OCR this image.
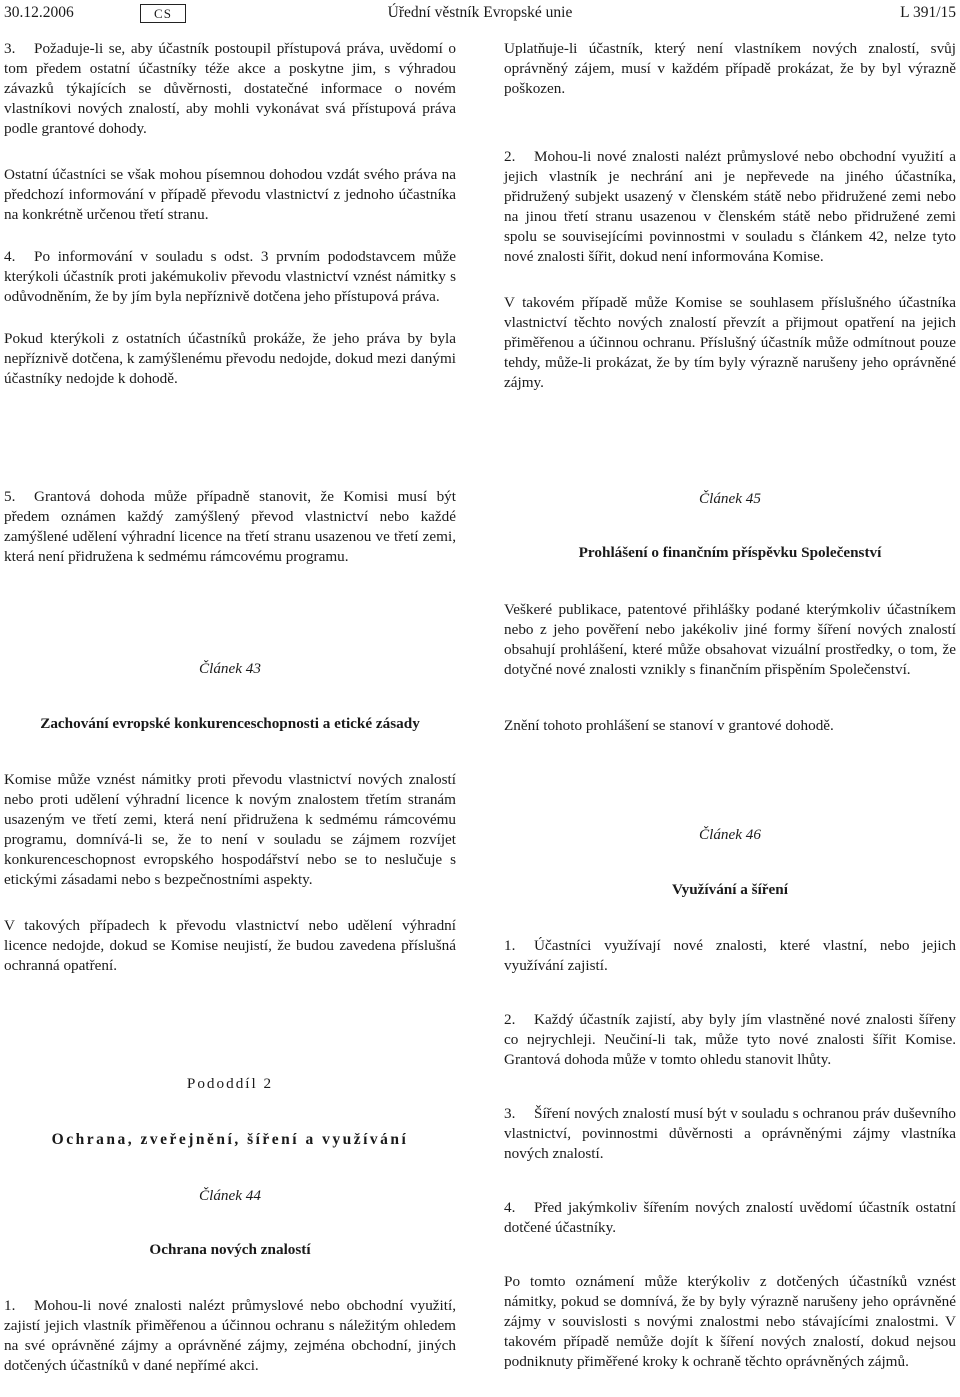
30.12.2006	CS	Úřední věstník Evropské unie	L 391/15

3. Požaduje-li se, aby účastník postoupil přístupová práva, uvědomí o tom předem ostatní účastníky téže akce a poskytne jim, s výhradou závazků týkajících se důvěrnosti, dostatečné informace o novém vlastníkovi nových znalostí, aby mohli vykonávat svá přístupová práva podle grantové dohody.

Ostatní účastníci se však mohou písemnou dohodou vzdát svého práva na předchozí informování v případě převodu vlastnictví z jednoho účastníka na konkrétně určenou třetí stranu.

4. Po informování v souladu s odst. 3 prvním pododstavcem může kterýkoli účastník proti jakémukoliv převodu vlastnictví vznést námitky s odůvodněním, že by jím byla nepříznivě dotčena jeho přístupová práva.

Pokud kterýkoli z ostatních účastníků prokáže, že jeho práva by byla nepříznivě dotčena, k zamýšlenému převodu nedojde, dokud mezi danými účastníky nedojde k dohodě.

Uplatňuje-li účastník, který není vlastníkem nových znalostí, svůj oprávněný zájem, musí v každém případě prokázat, že by byl výrazně poškozen.

2. Mohou-li nové znalosti nalézt průmyslové nebo obchodní využití a jejich vlastník je nechrání ani je nepřevede na jiného účastníka, přidružený subjekt usazený v členském státě nebo přidružené zemi nebo na jinou třetí stranu usazenou v členském státě nebo přidružené zemi spolu se souvisejícími povinnostmi v souladu s článkem 42, nelze tyto nové znalosti šířit, dokud není informována Komise.

V takovém případě může Komise se souhlasem příslušného účastníka vlastnictví těchto nových znalostí převzít a přijmout opatření na jejich přiměřenou a účinnou ochranu. Příslušný účastník může odmítnout pouze tehdy, může-li prokázat, že by tím byly výrazně narušeny jeho oprávněné zájmy.

5. Grantová dohoda může případně stanovit, že Komisi musí být předem oznámen každý zamýšlený převod vlastnictví nebo každé zamýšlené udělení výhradní licence na třetí stranu usazenou ve třetí zemi, která není přidružena k sedmému rámcovému programu.

Článek 43
Zachování evropské konkurenceschopnosti a etické zásady

Komise může vznést námitky proti převodu vlastnictví nových znalostí nebo proti udělení výhradní licence k novým znalostem třetím stranám usazeným ve třetí zemi, která není přidružena k sedmému rámcovému programu, domnívá-li se, že to není v souladu se zájmem rozvíjet konkurenceschopnost evropského hospodářství nebo se to neslučuje s etickými zásadami nebo s bezpečnostními aspekty.

V takových případech k převodu vlastnictví nebo udělení výhradní licence nedojde, dokud se Komise neujistí, že budou zavedena příslušná ochranná opatření.

Pododdíl 2
Ochrana, zveřejnění, šíření a využívání
Článek 44
Ochrana nových znalostí

1. Mohou-li nové znalosti nalézt průmyslové nebo obchodní využití, zajistí jejich vlastník přiměřenou a účinnou ochranu s náležitým ohledem na své oprávněné zájmy a oprávněné zájmy, zejména obchodní, jiných dotčených účastníků v dané nepřímé akci.

Článek 45
Prohlášení o finančním příspěvku Společenství

Veškeré publikace, patentové přihlášky podané kterýmkoliv účastníkem nebo z jeho pověření nebo jakékoliv jiné formy šíření nových znalostí obsahují prohlášení, které může obsahovat vizuální prostředky, o tom, že dotyčné nové znalosti vznikly s finančním přispěním Společenství.

Znění tohoto prohlášení se stanoví v grantové dohodě.

Článek 46
Využívání a šíření

1. Účastníci využívají nové znalosti, které vlastní, nebo jejich využívání zajistí.

2. Každý účastník zajistí, aby byly jím vlastněné nové znalosti šířeny co nejrychleji. Neučiní-li tak, může tyto nové znalosti šířit Komise. Grantová dohoda může v tomto ohledu stanovit lhůty.

3. Šíření nových znalostí musí být v souladu s ochranou práv duševního vlastnictví, povinnostmi důvěrnosti a oprávněnými zájmy vlastníka nových znalostí.

4. Před jakýmkoliv šířením nových znalostí uvědomí účastník ostatní dotčené účastníky.

Po tomto oznámení může kterýkoliv z dotčených účastníků vznést námitky, pokud se domnívá, že by byly výrazně narušeny jeho oprávněné zájmy v souvislosti s novými znalostmi nebo stávajícími znalostmi. V takovém případě nemůže dojít k šíření nových znalostí, dokud nejsou podniknuty přiměřené kroky k ochraně těchto oprávněných zájmů.
